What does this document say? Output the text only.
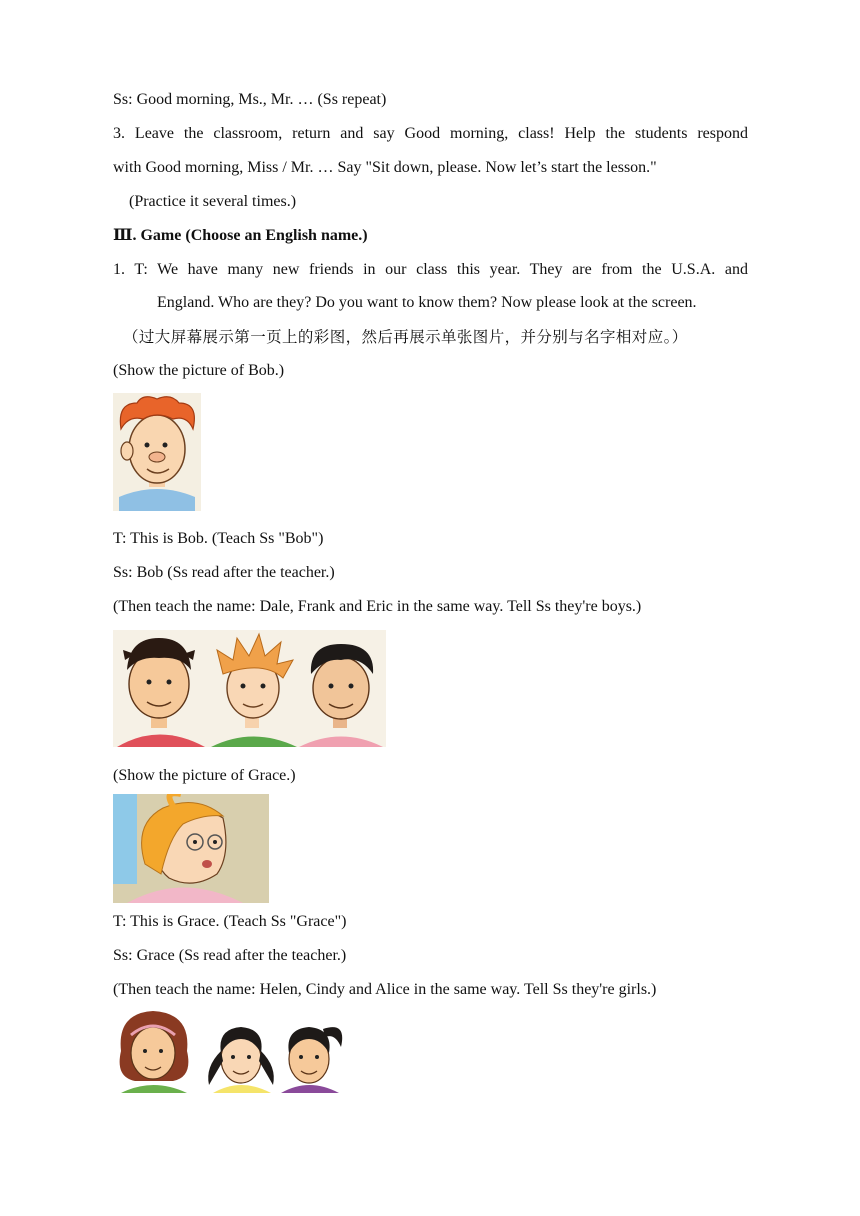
Ss: Good morning, Ms., Mr. … (Ss repeat)
3. Leave the classroom, return and say Good morning, class! Help the students respond
with Good morning, Miss / Mr. … Say "Sit down, please. Now let’s start the lesson."
(Practice it several times.)
Ⅲ. Game (Choose an English name.)
1. T: We have many new friends in our class this year. They are from the U.S.A. and
England. Who are they? Do you want to know them? Now please look at the screen.
（过大屏幕展示第一页上的彩图，然后再展示单张图片，并分别与名字相对应。）
(Show the picture of Bob.)
T: This is Bob. (Teach Ss "Bob")
Ss: Bob (Ss read after the teacher.)
(Then teach the name: Dale, Frank and Eric in the same way. Tell Ss they're boys.)
(Show the picture of Grace.)
T: This is Grace. (Teach Ss "Grace")
Ss: Grace (Ss read after the teacher.)
(Then teach the name: Helen, Cindy and Alice in the same way. Tell Ss they're girls.)
